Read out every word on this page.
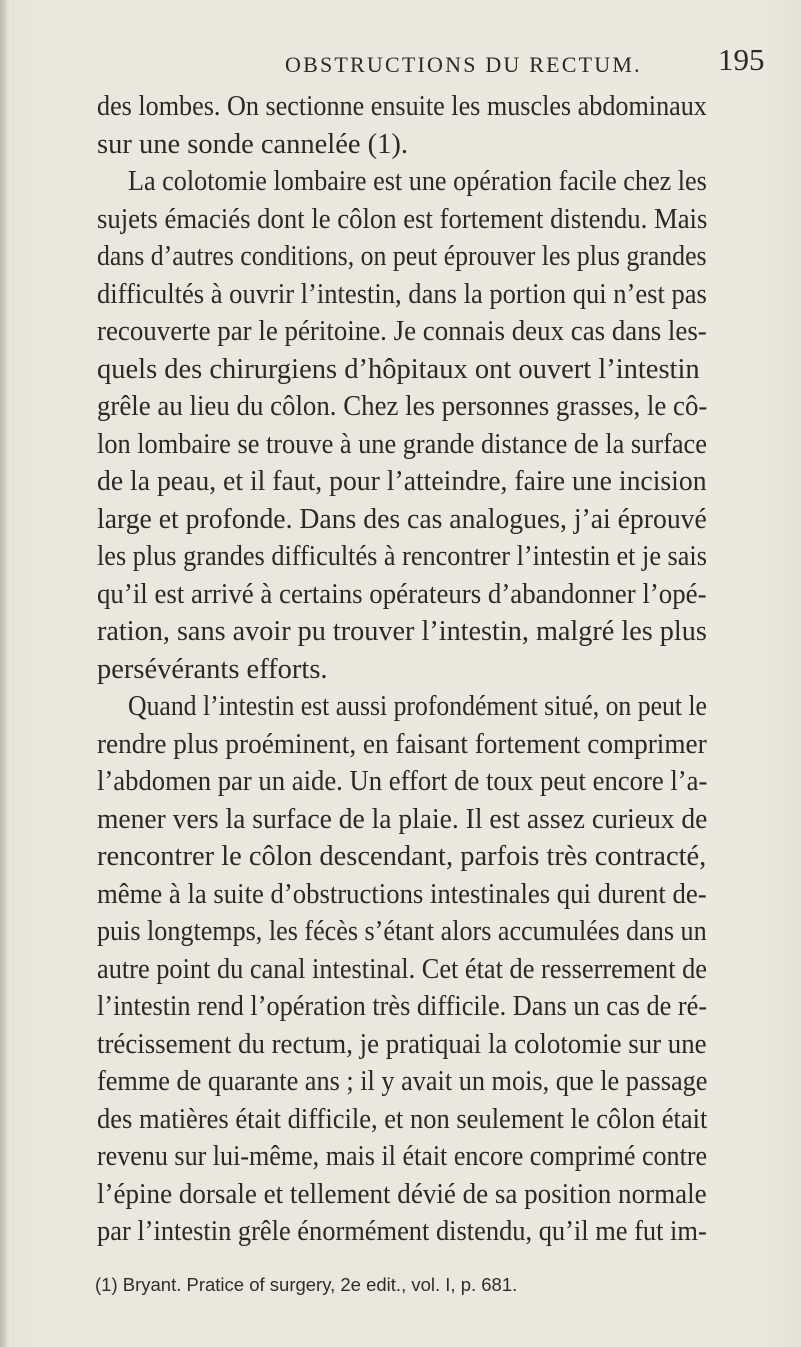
OBSTRUCTIONS DU RECTUM. 195
des lombes. On sectionne ensuite les muscles abdominaux
sur une sonde cannelée (1).
La colotomie lombaire est une opération facile chez les
sujets émaciés dont le côlon est fortement distendu. Mais
dans d’autres conditions, on peut éprouver les plus grandes
difficultés à ouvrir l’intestin, dans la portion qui n’est pas
recouverte par le péritoine. Je connais deux cas dans les-
quels des chirurgiens d’hôpitaux ont ouvert l’intestin
grêle au lieu du côlon. Chez les personnes grasses, le cô-
lon lombaire se trouve à une grande distance de la surface
de la peau, et il faut, pour l’atteindre, faire une incision
large et profonde. Dans des cas analogues, j’ai éprouvé
les plus grandes difficultés à rencontrer l’intestin et je sais
qu’il est arrivé à certains opérateurs d’abandonner l’opé-
ration, sans avoir pu trouver l’intestin, malgré les plus
persévérants efforts.
Quand l’intestin est aussi profondément situé, on peut le
rendre plus proéminent, en faisant fortement comprimer
l’abdomen par un aide. Un effort de toux peut encore l’a-
mener vers la surface de la plaie. Il est assez curieux de
rencontrer le côlon descendant, parfois très contracté,
même à la suite d’obstructions intestinales qui durent de-
puis longtemps, les fécès s’étant alors accumulées dans un
autre point du canal intestinal. Cet état de resserrement de
l’intestin rend l’opération très difficile. Dans un cas de ré-
trécissement du rectum, je pratiquai la colotomie sur une
femme de quarante ans ; il y avait un mois, que le passage
des matières était difficile, et non seulement le côlon était
revenu sur lui-même, mais il était encore comprimé contre
l’épine dorsale et tellement dévié de sa position normale
par l’intestin grêle énormément distendu, qu’il me fut im-
(1) Bryant. Pratice of surgery, 2e edit., vol. I, p. 681.
